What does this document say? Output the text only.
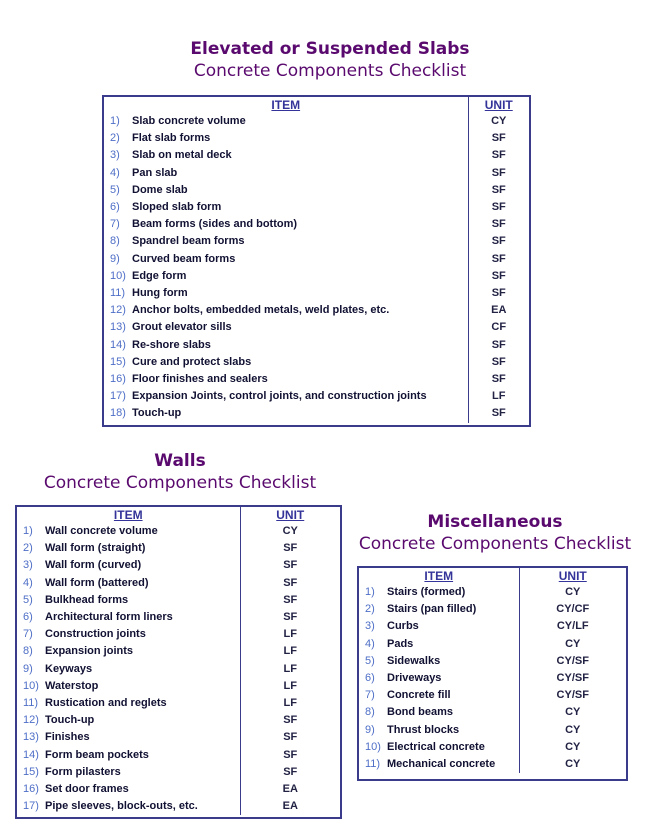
Elevated or Suspended Slabs
Concrete Components Checklist
ITEM		UNIT
1)	Slab concrete volume	CY
2)	Flat slab forms	SF
3)	Slab on metal deck	SF
4)	Pan slab	SF
5)	Dome slab	SF
6)	Sloped slab form	SF
7)	Beam forms (sides and bottom)	SF
8)	Spandrel beam forms	SF
9)	Curved beam forms	SF
10)	Edge form	SF
11)	Hung form	SF
12)	Anchor bolts, embedded metals, weld plates, etc.	EA
13)	Grout elevator sills	CF
14)	Re-shore slabs	SF
15)	Cure and protect slabs	SF
16)	Floor finishes and sealers	SF
17)	Expansion Joints, control joints, and construction joints	LF
18)	Touch-up	SF
Walls
Concrete Components Checklist
ITEM		UNIT
1)	Wall concrete volume	CY
2)	Wall form (straight)	SF
3)	Wall form (curved)	SF
4)	Wall form (battered)	SF
5)	Bulkhead forms	SF
6)	Architectural form liners	SF
7)	Construction joints	LF
8)	Expansion joints	LF
9)	Keyways	LF
10)	Waterstop	LF
11)	Rustication and reglets	LF
12)	Touch-up	SF
13)	Finishes	SF
14)	Form beam pockets	SF
15)	Form pilasters	SF
16)	Set door frames	EA
17)	Pipe sleeves, block-outs, etc.	EA
Miscellaneous
Concrete Components Checklist
ITEM		UNIT
1)	Stairs (formed)	CY
2)	Stairs (pan filled)	CY/CF
3)	Curbs	CY/LF
4)	Pads	CY
5)	Sidewalks	CY/SF
6)	Driveways	CY/SF
7)	Concrete fill	CY/SF
8)	Bond beams	CY
9)	Thrust blocks	CY
10)	Electrical concrete	CY
11)	Mechanical concrete	CY
